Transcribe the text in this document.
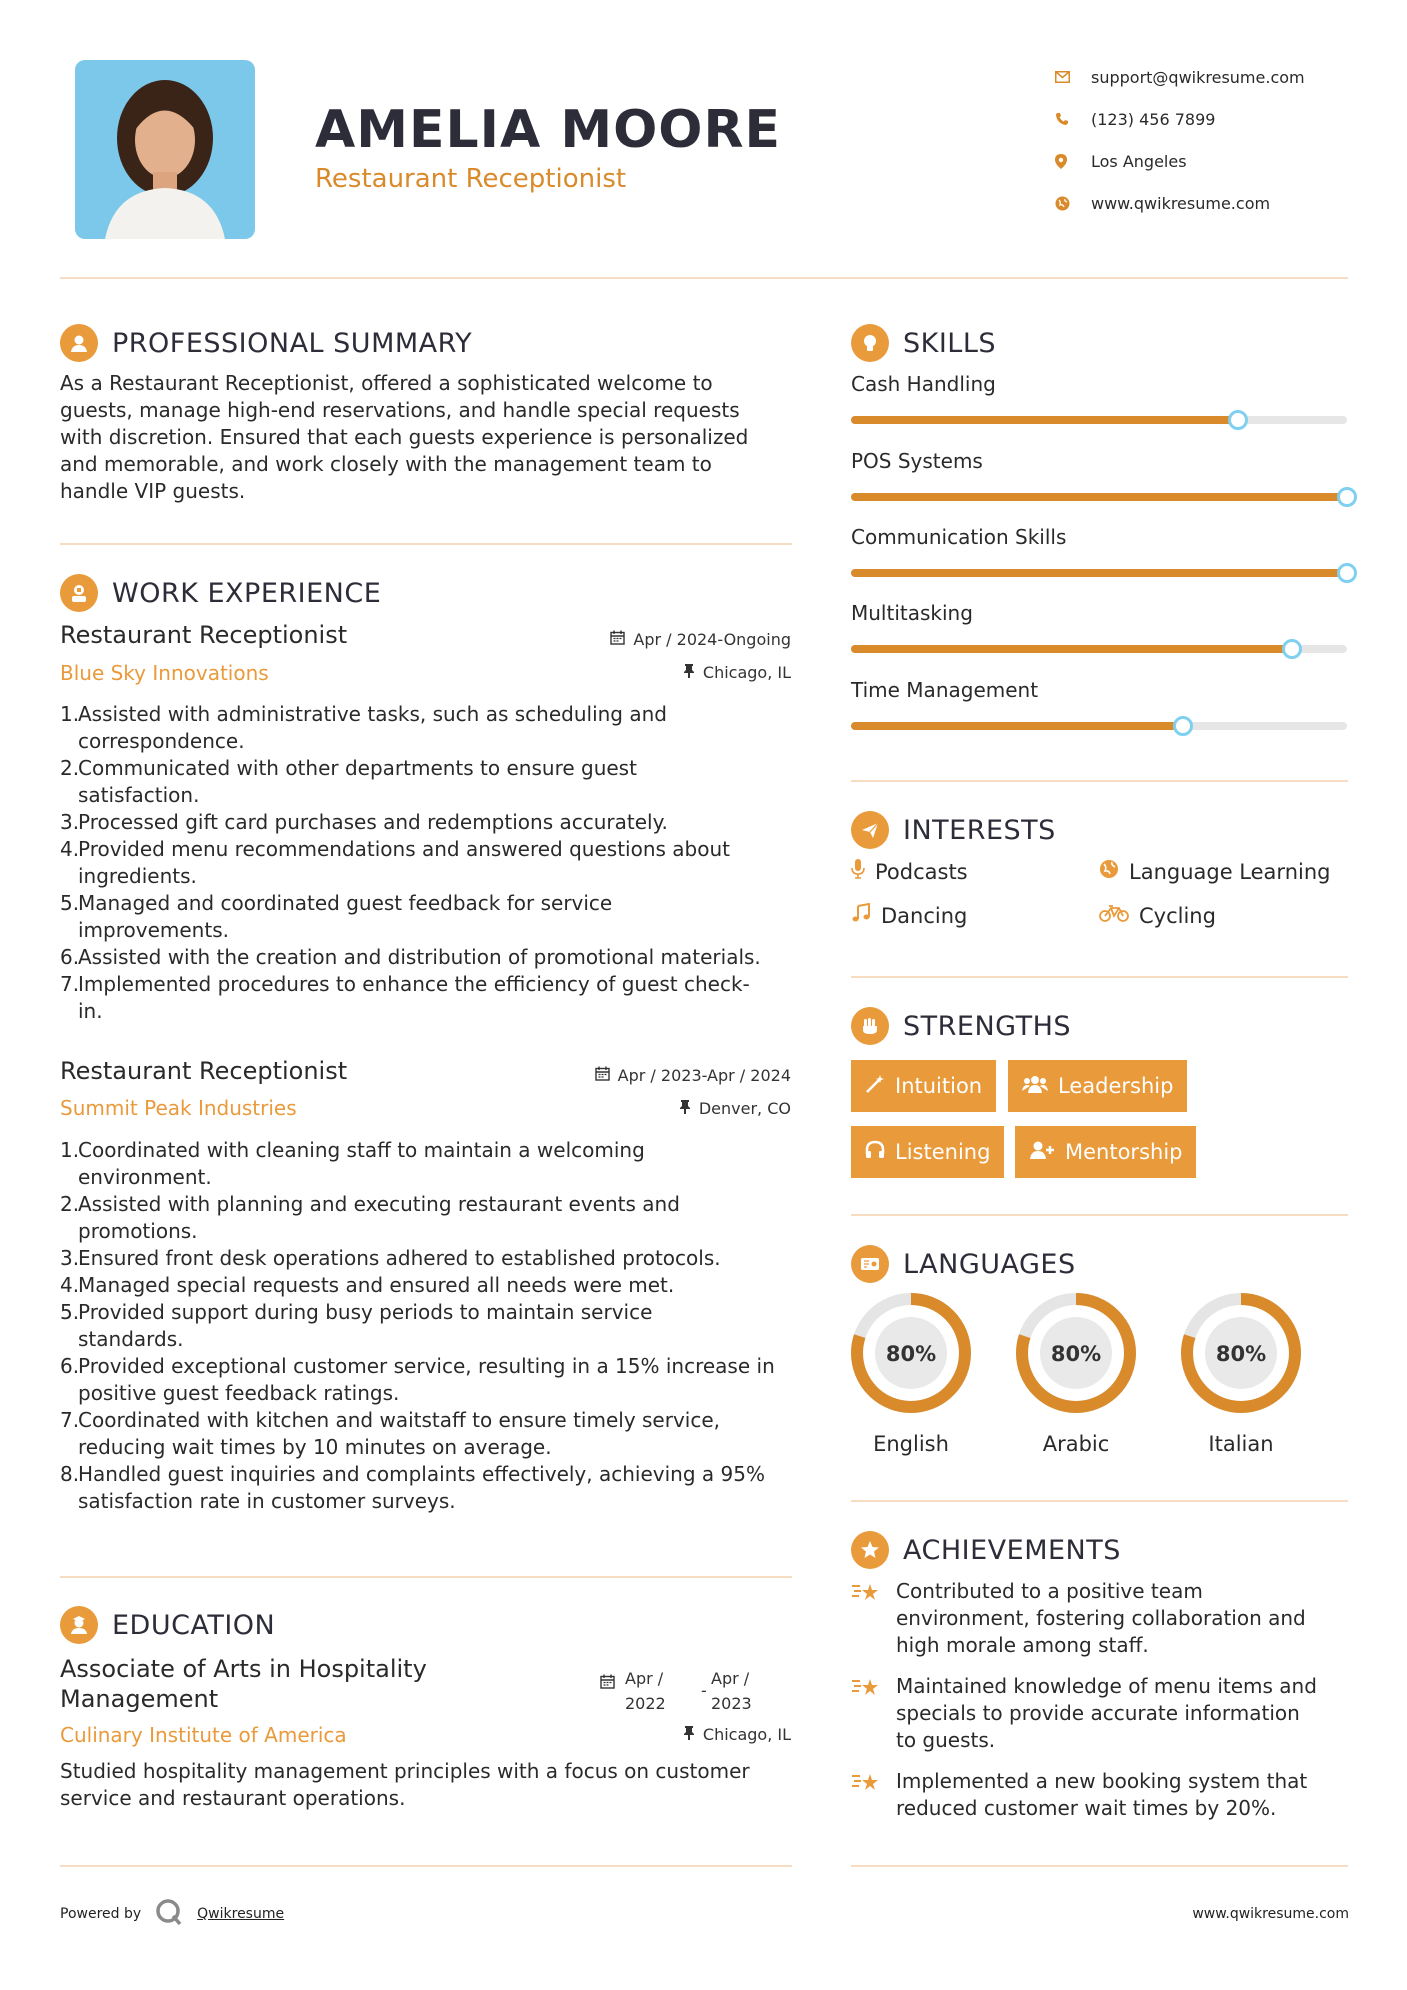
AMELIA MOORE
Restaurant Receptionist
support@qwikresume.com
(123) 456 7899
Los Angeles
www.qwikresume.com
PROFESSIONAL SUMMARY
As a Restaurant Receptionist, offered a sophisticated welcome to
guests, manage high-end reservations, and handle special requests
with discretion. Ensured that each guests experience is personalized
and memorable, and work closely with the management team to
handle VIP guests.
WORK EXPERIENCE
Restaurant Receptionist	Apr / 2024-Ongoing
Blue Sky Innovations	Chicago, IL
1.
Assisted with administrative tasks, such as scheduling and
correspondence.
2.
Communicated with other departments to ensure guest
satisfaction.
3.
Processed gift card purchases and redemptions accurately.
4.
Provided menu recommendations and answered questions about
ingredients.
5.
Managed and coordinated guest feedback for service
improvements.
6.
Assisted with the creation and distribution of promotional materials.
7.
Implemented procedures to enhance the efficiency of guest check-
in.
Restaurant Receptionist	Apr / 2023-Apr / 2024
Summit Peak Industries	Denver, CO
1.
Coordinated with cleaning staff to maintain a welcoming
environment.
2.
Assisted with planning and executing restaurant events and
promotions.
3.
Ensured front desk operations adhered to established protocols.
4.
Managed special requests and ensured all needs were met.
5.
Provided support during busy periods to maintain service
standards.
6.
Provided exceptional customer service, resulting in a 15% increase in
positive guest feedback ratings.
7.
Coordinated with kitchen and waitstaff to ensure timely service,
reducing wait times by 10 minutes on average.
8.
Handled guest inquiries and complaints effectively, achieving a 95%
satisfaction rate in customer surveys.
EDUCATION
Associate of Arts in Hospitality
Management
Apr /
2022
-
Apr /
2023
Culinary Institute of America	Chicago, IL
Studied hospitality management principles with a focus on customer
service and restaurant operations.
SKILLS
Cash Handling
POS Systems
Communication Skills
Multitasking
Time Management
INTERESTS
Podcasts	Language Learning
Dancing	Cycling
STRENGTHS
Intuition	Leadership
Listening	Mentorship
LANGUAGES
80%
English
80%
Arabic
80%
Italian
ACHIEVEMENTS
Contributed to a positive team
environment, fostering collaboration and
high morale among staff.
Maintained knowledge of menu items and
specials to provide accurate information
to guests.
Implemented a new booking system that
reduced customer wait times by 20%.
Powered by	Qwikresume	www.qwikresume.com
